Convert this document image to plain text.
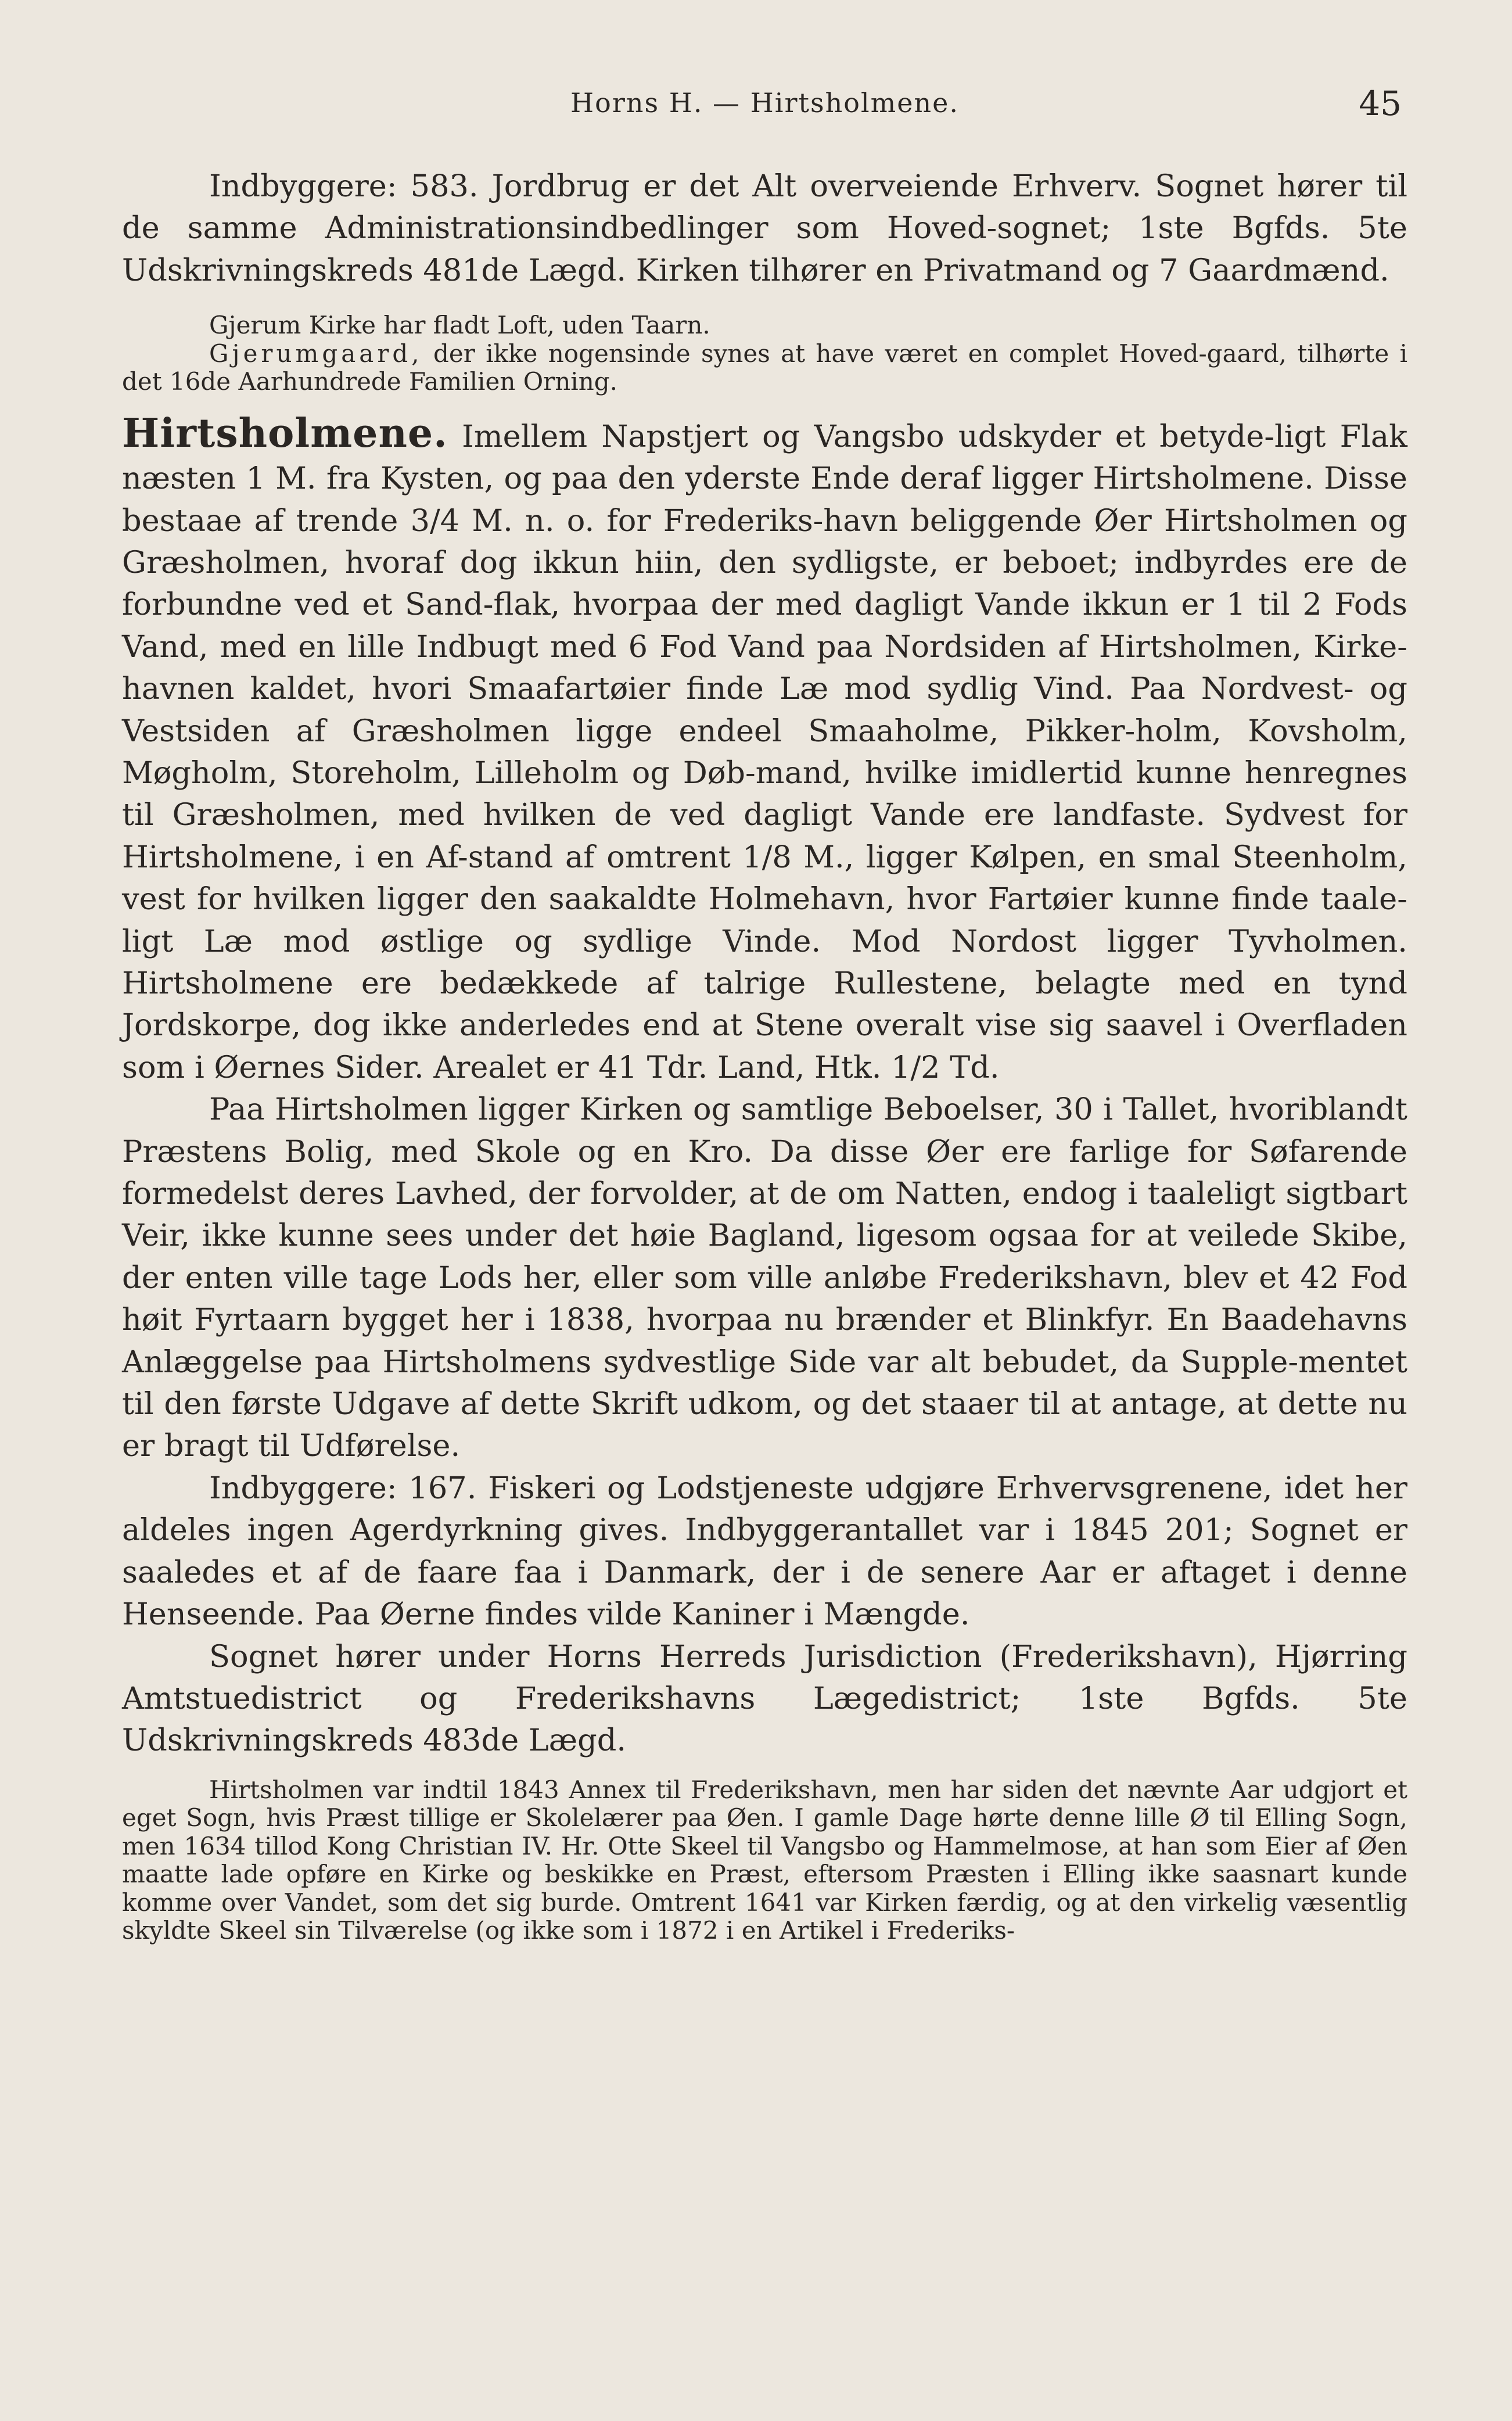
Horns H. — Hirtsholmene.	45

Indbyggere: 583. Jordbrug er det Alt overveiende Erhverv. Sognet hører til de samme Administrationsindbedlinger som Hoved-sognet; 1ste Bgfds. 5te Udskrivningskreds 481de Lægd. Kirken tilhører en Privatmand og 7 Gaardmænd.

Gjerum Kirke har fladt Loft, uden Taarn.

Gjerumgaard, der ikke nogensinde synes at have været en complet Hoved-gaard, tilhørte i det 16de Aarhundrede Familien Orning.

Hirtsholmene. Imellem Napstjert og Vangsbo udskyder et betyde-ligt Flak næsten 1 M. fra Kysten, og paa den yderste Ende deraf ligger Hirtsholmene. Disse bestaae af trende 3/4 M. n. o. for Frederiks-havn beliggende Øer Hirtsholmen og Græsholmen, hvoraf dog ikkun hiin, den sydligste, er beboet; indbyrdes ere de forbundne ved et Sand-flak, hvorpaa der med dagligt Vande ikkun er 1 til 2 Fods Vand, med en lille Indbugt med 6 Fod Vand paa Nordsiden af Hirtsholmen, Kirke-havnen kaldet, hvori Smaafartøier finde Læ mod sydlig Vind. Paa Nordvest- og Vestsiden af Græsholmen ligge endeel Smaaholme, Pikker-holm, Kovsholm, Møgholm, Storeholm, Lilleholm og Døb-mand, hvilke imidlertid kunne henregnes til Græsholmen, med hvilken de ved dagligt Vande ere landfaste. Sydvest for Hirtsholmene, i en Af-stand af omtrent 1/8 M., ligger Kølpen, en smal Steenholm, vest for hvilken ligger den saakaldte Holmehavn, hvor Fartøier kunne finde taale-ligt Læ mod østlige og sydlige Vinde. Mod Nordost ligger Tyvholmen. Hirtsholmene ere bedækkede af talrige Rullestene, belagte med en tynd Jordskorpe, dog ikke anderledes end at Stene overalt vise sig saavel i Overfladen som i Øernes Sider. Arealet er 41 Tdr. Land, Htk. 1/2 Td.

Paa Hirtsholmen ligger Kirken og samtlige Beboelser, 30 i Tallet, hvoriblandt Præstens Bolig, med Skole og en Kro. Da disse Øer ere farlige for Søfarende formedelst deres Lavhed, der forvolder, at de om Natten, endog i taaleligt sigtbart Veir, ikke kunne sees under det høie Bagland, ligesom ogsaa for at veilede Skibe, der enten ville tage Lods her, eller som ville anløbe Frederikshavn, blev et 42 Fod høit Fyrtaarn bygget her i 1838, hvorpaa nu brænder et Blinkfyr. En Baadehavns Anlæggelse paa Hirtsholmens sydvestlige Side var alt bebudet, da Supple-mentet til den første Udgave af dette Skrift udkom, og det staaer til at antage, at dette nu er bragt til Udførelse.

Indbyggere: 167. Fiskeri og Lodstjeneste udgjøre Erhvervsgrenene, idet her aldeles ingen Agerdyrkning gives. Indbyggerantallet var i 1845 201; Sognet er saaledes et af de faare faa i Danmark, der i de senere Aar er aftaget i denne Henseende. Paa Øerne findes vilde Kaniner i Mængde.

Sognet hører under Horns Herreds Jurisdiction (Frederikshavn), Hjørring Amtstuedistrict og Frederikshavns Lægedistrict; 1ste Bgfds. 5te Udskrivningskreds 483de Lægd.

Hirtsholmen var indtil 1843 Annex til Frederikshavn, men har siden det nævnte Aar udgjort et eget Sogn, hvis Præst tillige er Skolelærer paa Øen. I gamle Dage hørte denne lille Ø til Elling Sogn, men 1634 tillod Kong Christian IV. Hr. Otte Skeel til Vangsbo og Hammelmose, at han som Eier af Øen maatte lade opføre en Kirke og beskikke en Præst, eftersom Præsten i Elling ikke saasnart kunde komme over Vandet, som det sig burde. Omtrent 1641 var Kirken færdig, og at den virkelig væsentlig skyldte Skeel sin Tilværelse (og ikke som i 1872 i en Artikel i Frederiks-
